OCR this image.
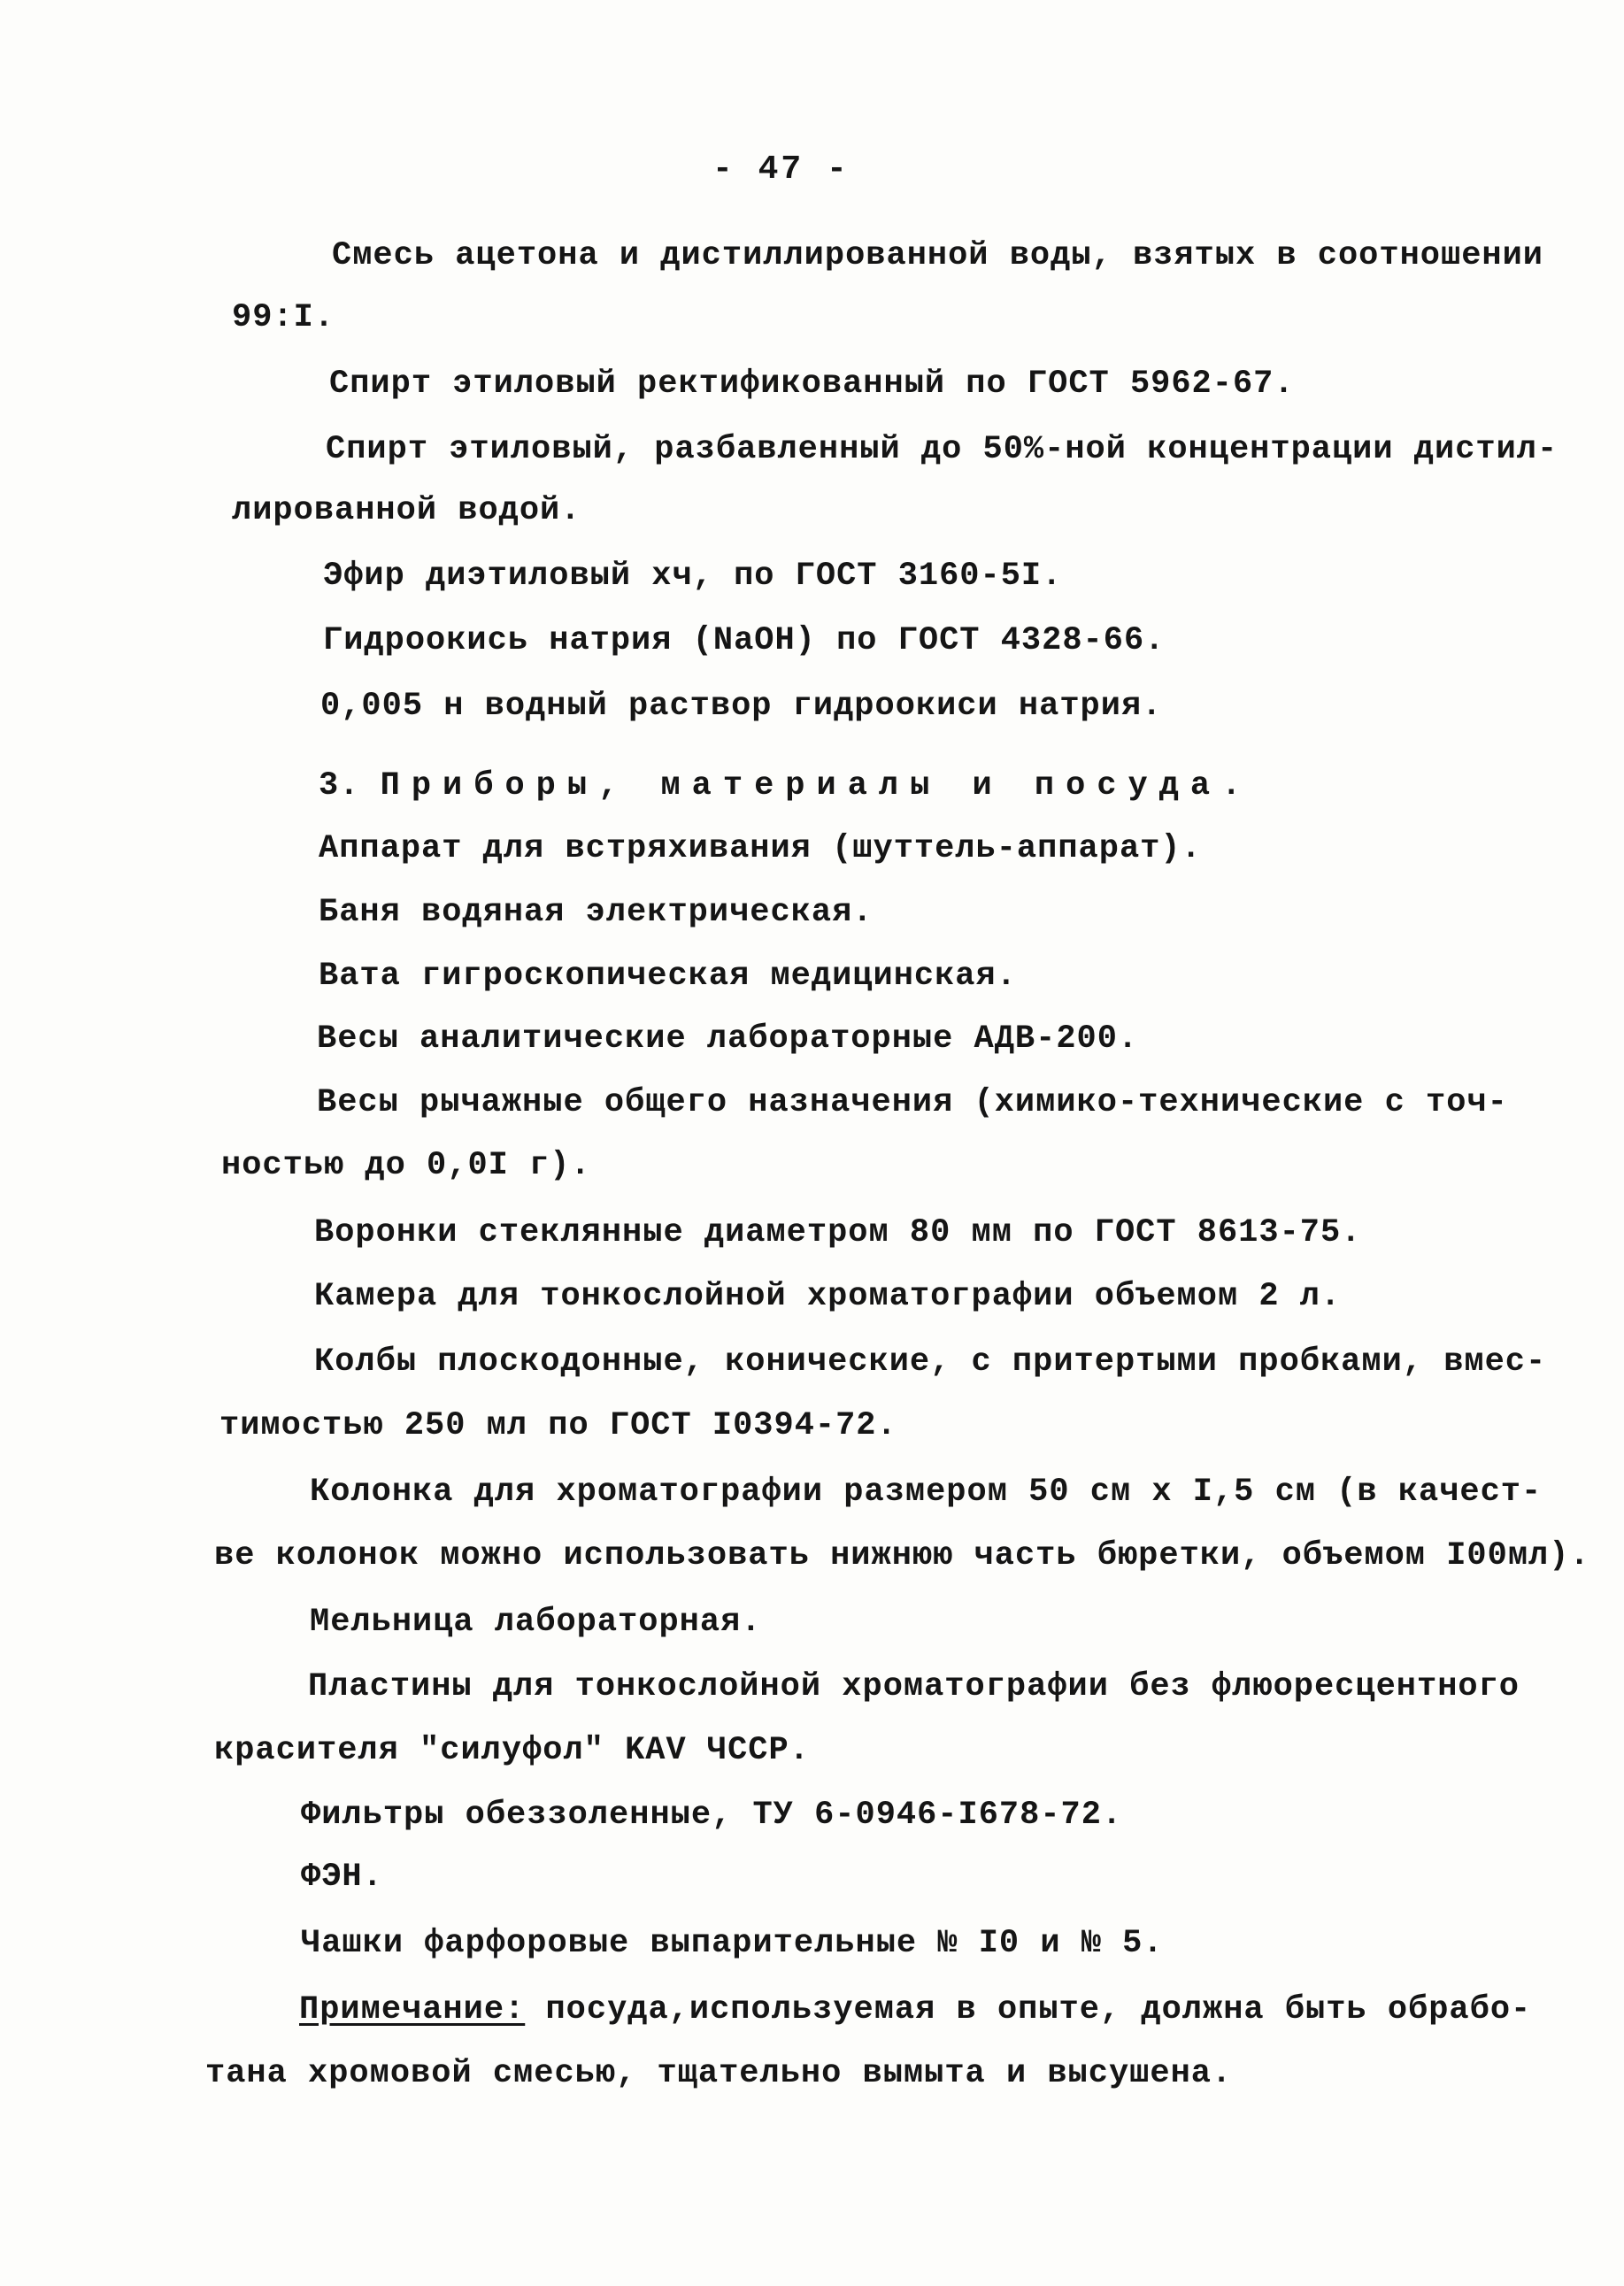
- 47 -
Смесь ацетона и дистиллированной воды, взятых в соотношении
99:I.
Спирт этиловый ректификованный по ГОСТ 5962-67.
Спирт этиловый, разбавленный до 50%-ной концентрации дистил-
лированной водой.
Эфир диэтиловый хч, по ГОСТ 3160-5I.
Гидроокись натрия (NaOH) по ГОСТ 4328-66.
0,005 н водный раствор гидроокиси натрия.
3. Приборы, материалы и посуда.
Аппарат для встряхивания (шуттель-аппарат).
Баня водяная электрическая.
Вата гигроскопическая медицинская.
Весы аналитические лабораторные АДВ-200.
Весы рычажные общего назначения (химико-технические с точ-
ностью до 0,0I г).
Воронки стеклянные диаметром 80 мм по ГОСТ 8613-75.
Камера для тонкослойной хроматографии объемом 2 л.
Колбы плоскодонные, конические, с притертыми пробками, вмес-
тимостью 250 мл по ГОСТ I0394-72.
Колонка для хроматографии размером 50 см х I,5 см (в качест-
ве колонок можно использовать нижнюю часть бюретки, объемом I00мл).
Мельница лабораторная.
Пластины для тонкослойной хроматографии без флюоресцентного
красителя "силуфол" KAV ЧССР.
Фильтры обеззоленные, ТУ 6-0946-I678-72.
ФЭН.
Чашки фарфоровые выпарительные № I0 и № 5.
Примечание: посуда,используемая в опыте, должна быть обрабо-
тана хромовой смесью, тщательно вымыта и высушена.
